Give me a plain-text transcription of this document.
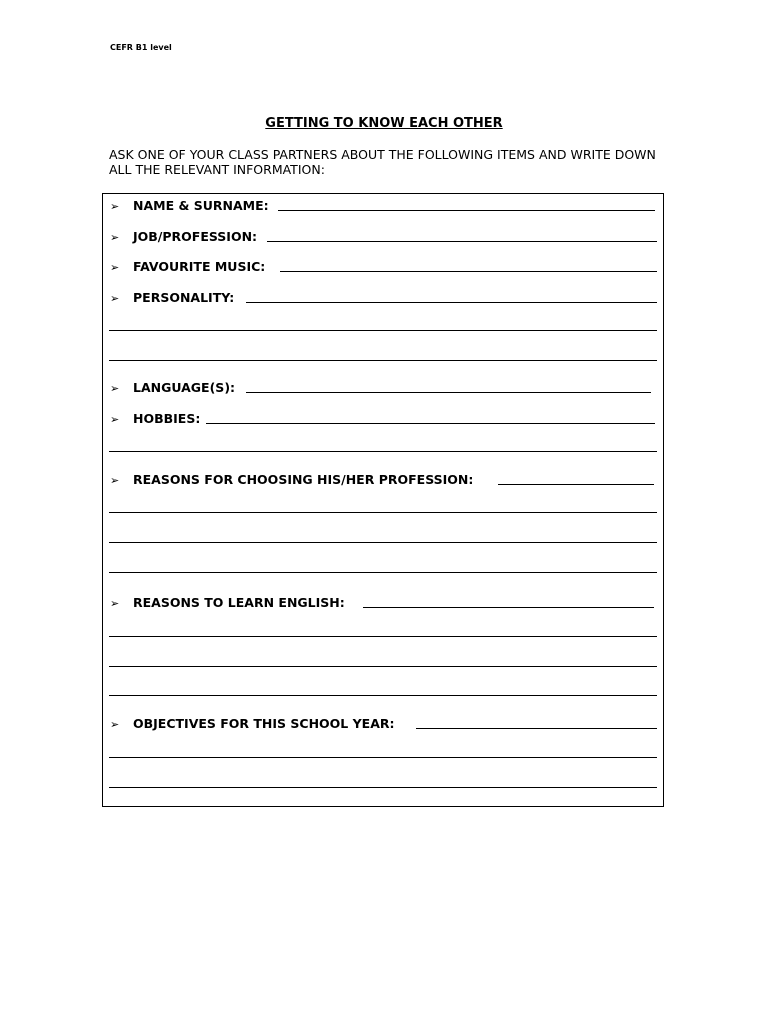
CEFR B1 level
GETTING TO KNOW EACH OTHER
ASK ONE OF YOUR CLASS PARTNERS ABOUT THE FOLLOWING ITEMS AND WRITE DOWN ALL THE RELEVANT INFORMATION:
➢ NAME & SURNAME:
➢ JOB/PROFESSION:
➢ FAVOURITE MUSIC:
➢ PERSONALITY:
➢ LANGUAGE(S):
➢ HOBBIES:
➢ REASONS FOR CHOOSING HIS/HER PROFESSION:
➢ REASONS TO LEARN ENGLISH:
➢ OBJECTIVES FOR THIS SCHOOL YEAR:
